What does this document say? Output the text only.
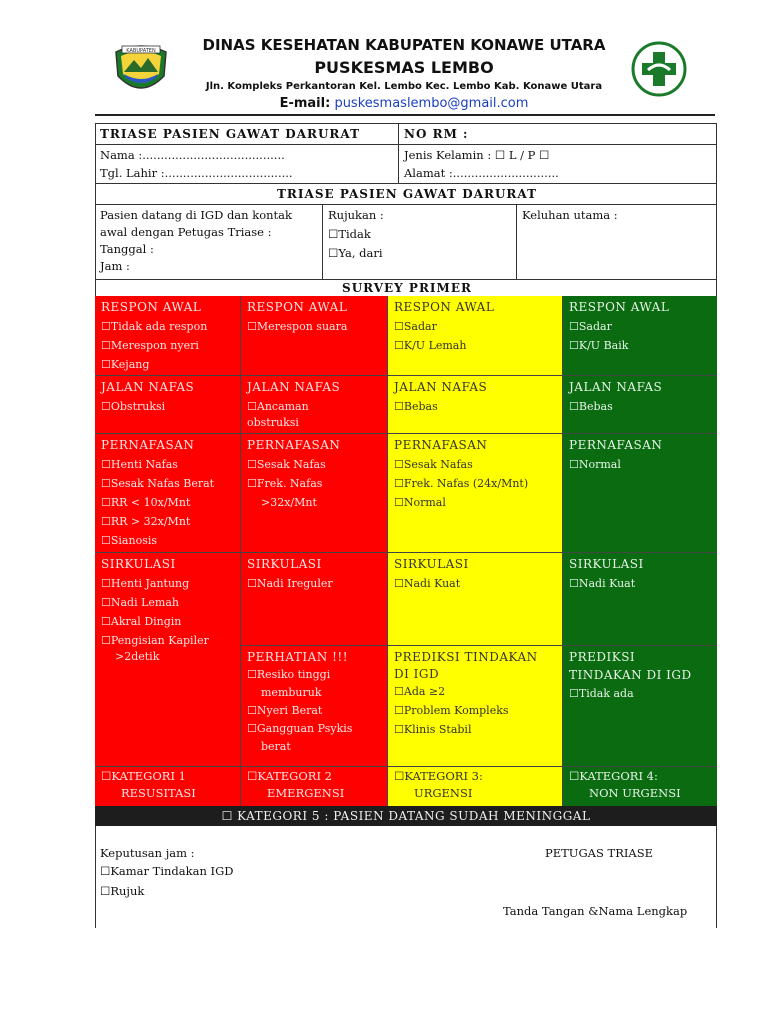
KABUPATEN	DINAS KESEHATAN KABUPATEN KONAWE UTARA
PUSKESMAS LEMBO
Jln. Kompleks Perkantoran Kel. Lembo Kec. Lembo Kab. Konawe Utara
E-mail: puskesmaslembo@gmail.com
TRIASE PASIEN GAWAT DARURAT	NO RM :
Nama :.......................................
Tgl. Lahir :...................................
Jenis Kelamin : ☐ L / P ☐
Alamat :.............................
TRIASE PASIEN GAWAT DARURAT
Pasien datang di IGD dan kontak
awal dengan Petugas Triase :
Tanggal :
Jam :
Rujukan :
☐ Tidak
☐ Ya, dari
Keluhan utama :
SURVEY PRIMER
RESPON AWAL
☐ Tidak ada respon
☐ Merespon nyeri
☐ Kejang
RESPON AWAL
☐ Merespon suara
RESPON AWAL
☐ Sadar
☐ K/U Lemah
RESPON AWAL
☐ Sadar
☐ K/U Baik
JALAN NAFAS
☐ Obstruksi
JALAN NAFAS
☐ Ancaman
obstruksi
JALAN NAFAS
☐ Bebas
JALAN NAFAS
☐ Bebas
PERNAFASAN
☐ Henti Nafas
☐ Sesak Nafas Berat
☐ RR < 10x/Mnt
☐ RR > 32x/Mnt
☐ Sianosis
PERNAFASAN
☐ Sesak Nafas
☐ Frek. Nafas
>32x/Mnt
PERNAFASAN
☐ Sesak Nafas
☐ Frek. Nafas (24x/Mnt)
☐ Normal
PERNAFASAN
☐ Normal
SIRKULASI
☐ Henti Jantung
☐ Nadi Lemah
☐ Akral Dingin
☐ Pengisian Kapiler
>2detik
SIRKULASI
☐ Nadi Ireguler
SIRKULASI
☐ Nadi Kuat
SIRKULASI
☐ Nadi Kuat
PERHATIAN !!!
☐ Resiko tinggi
memburuk
☐ Nyeri Berat
☐ Gangguan Psykis
berat
PREDIKSI TINDAKAN
DI IGD
☐ Ada ≥2
☐ Problem Kompleks
☐ Klinis Stabil
PREDIKSI
TINDAKAN DI IGD
☐ Tidak ada
☐ KATEGORI 1
RESUSITASI
☐ KATEGORI 2
EMERGENSI
☐ KATEGORI 3:
URGENSI
☐ KATEGORI 4:
NON URGENSI
☐ KATEGORI 5 : PASIEN DATANG SUDAH MENINGGAL
Keputusan jam :
☐ Kamar Tindakan IGD
☐ Rujuk
PETUGAS TRIASE
Tanda Tangan &Nama Lengkap
